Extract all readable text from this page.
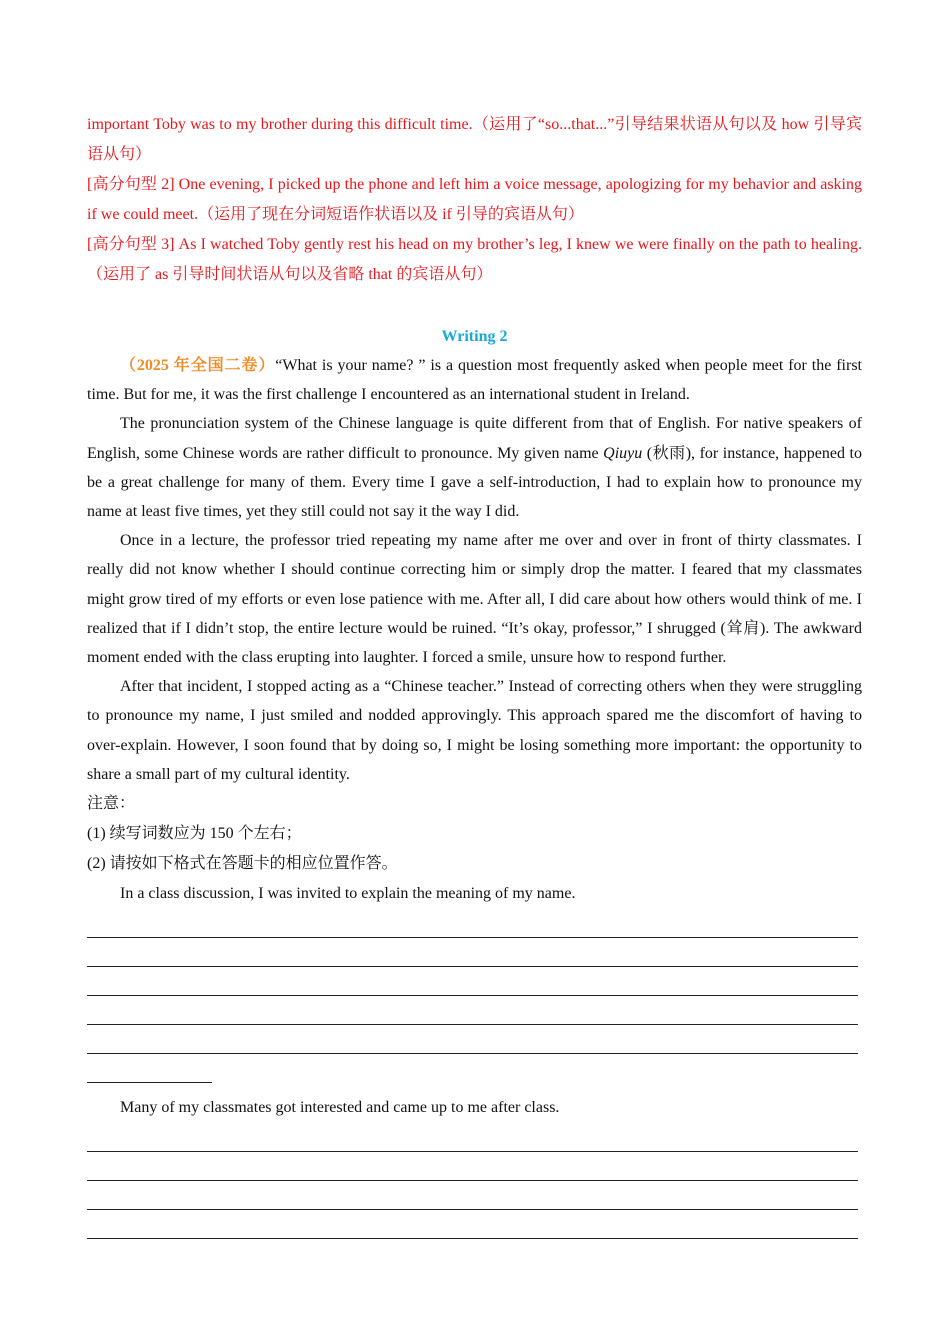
important Toby was to my brother during this difficult time.（运用了“so...that...”引导结果状语从句以及 how 引导宾语从句）

[高分句型 2] One evening, I picked up the phone and left him a voice message, apologizing for my behavior and asking if we could meet.（运用了现在分词短语作状语以及 if 引导的宾语从句）

[高分句型 3] As I watched Toby gently rest his head on my brother’s leg, I knew we were finally on the path to healing.（运用了 as 引导时间状语从句以及省略 that 的宾语从句）

Writing 2

（2025 年全国二卷）“What is your name? ” is a question most frequently asked when people meet for the first time. But for me, it was the first challenge I encountered as an international student in Ireland.

The pronunciation system of the Chinese language is quite different from that of English. For native speakers of English, some Chinese words are rather difficult to pronounce. My given name Qiuyu (秋雨), for instance, happened to be a great challenge for many of them. Every time I gave a self-introduction, I had to explain how to pronounce my name at least five times, yet they still could not say it the way I did.

Once in a lecture, the professor tried repeating my name after me over and over in front of thirty classmates. I really did not know whether I should continue correcting him or simply drop the matter. I feared that my classmates might grow tired of my efforts or even lose patience with me. After all, I did care about how others would think of me. I realized that if I didn’t stop, the entire lecture would be ruined. “It’s okay, professor,” I shrugged (耸肩). The awkward moment ended with the class erupting into laughter. I forced a smile, unsure how to respond further.

After that incident, I stopped acting as a “Chinese teacher.” Instead of correcting others when they were struggling to pronounce my name, I just smiled and nodded approvingly. This approach spared me the discomfort of having to over-explain. However, I soon found that by doing so, I might be losing something more important: the opportunity to share a small part of my cultural identity.

注意：

(1) 续写词数应为 150 个左右；

(2) 请按如下格式在答题卡的相应位置作答。

In a class discussion, I was invited to explain the meaning of my name.

Many of my classmates got interested and came up to me after class.
